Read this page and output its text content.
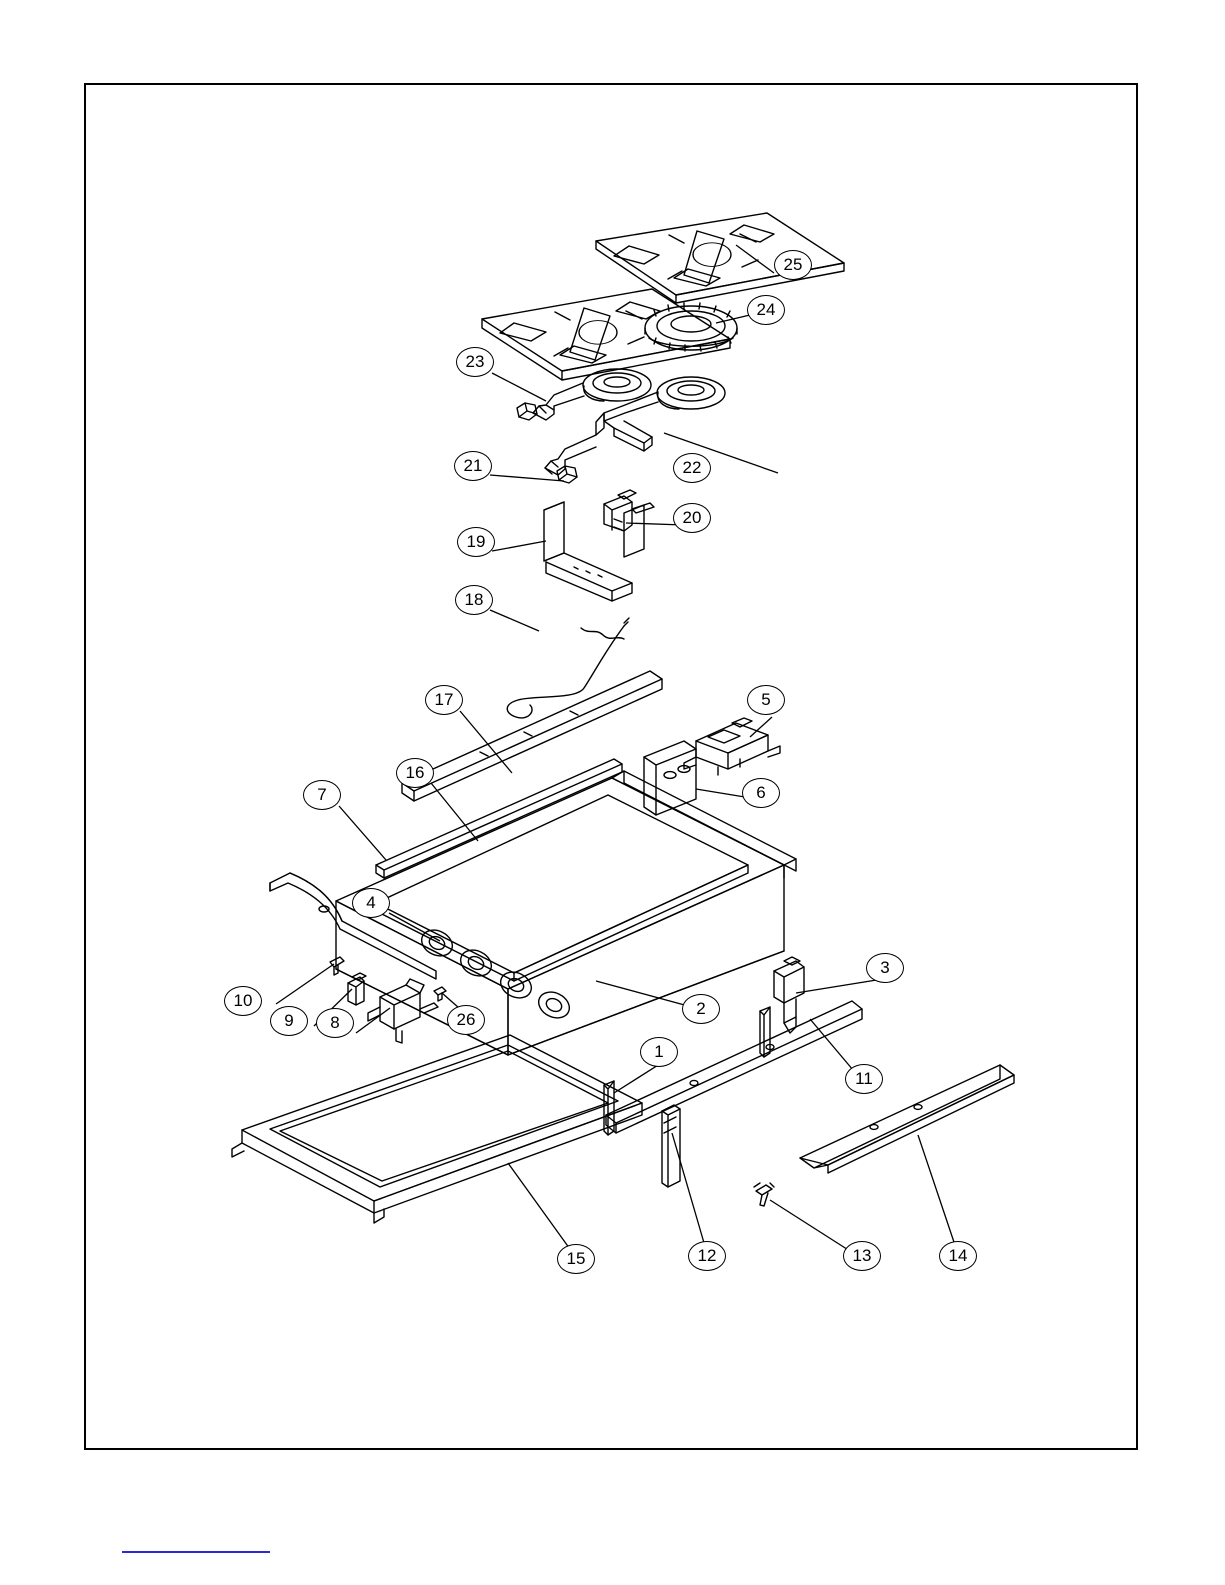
1
2
3
4
5
6
7
8
9
10
11
12	13	14
15
16
17
18
19
20
21	22
23
24
25
26
